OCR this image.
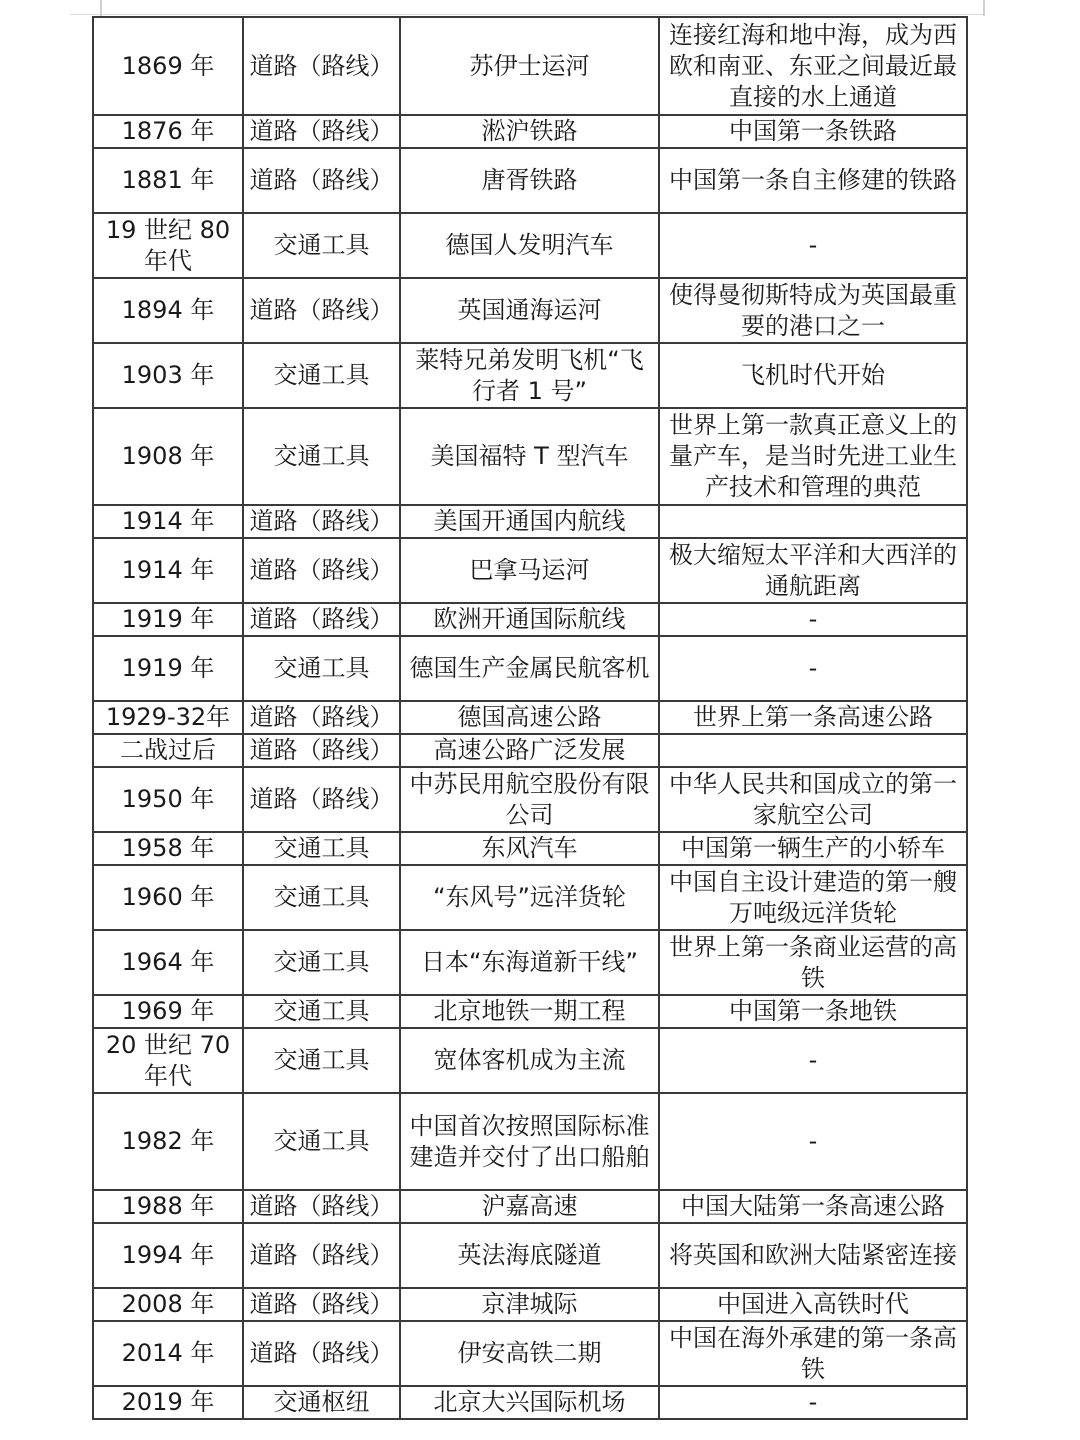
1869 年	道路（路线）	苏伊士运河	连接红海和地中海，成为西欧和南亚、东亚之间最近最直接的水上通道
1876 年	道路（路线）	淞沪铁路	中国第一条铁路
1881 年	道路（路线）	唐胥铁路	中国第一条自主修建的铁路
19 世纪 80 年代	交通工具	德国人发明汽车	-
1894 年	道路（路线）	英国通海运河	使得曼彻斯特成为英国最重要的港口之一
1903 年	交通工具	莱特兄弟发明飞机“飞行者 1 号”	飞机时代开始
1908 年	交通工具	美国福特 T 型汽车	世界上第一款真正意义上的量产车，是当时先进工业生产技术和管理的典范
1914 年	道路（路线）	美国开通国内航线	
1914 年	道路（路线）	巴拿马运河	极大缩短太平洋和大西洋的通航距离
1919 年	道路（路线）	欧洲开通国际航线	-
1919 年	交通工具	德国生产金属民航客机	-
1929-32年	道路（路线）	德国高速公路	世界上第一条高速公路
二战过后	道路（路线）	高速公路广泛发展	
1950 年	道路（路线）	中苏民用航空股份有限公司	中华人民共和国成立的第一家航空公司
1958 年	交通工具	东风汽车	中国第一辆生产的小轿车
1960 年	交通工具	“东风号”远洋货轮	中国自主设计建造的第一艘万吨级远洋货轮
1964 年	交通工具	日本“东海道新干线”	世界上第一条商业运营的高铁
1969 年	交通工具	北京地铁一期工程	中国第一条地铁
20 世纪 70 年代	交通工具	宽体客机成为主流	-
1982 年	交通工具	中国首次按照国际标准建造并交付了出口船舶	-
1988 年	道路（路线）	沪嘉高速	中国大陆第一条高速公路
1994 年	道路（路线）	英法海底隧道	将英国和欧洲大陆紧密连接
2008 年	道路（路线）	京津城际	中国进入高铁时代
2014 年	道路（路线）	伊安高铁二期	中国在海外承建的第一条高铁
2019 年	交通枢纽	北京大兴国际机场	-
